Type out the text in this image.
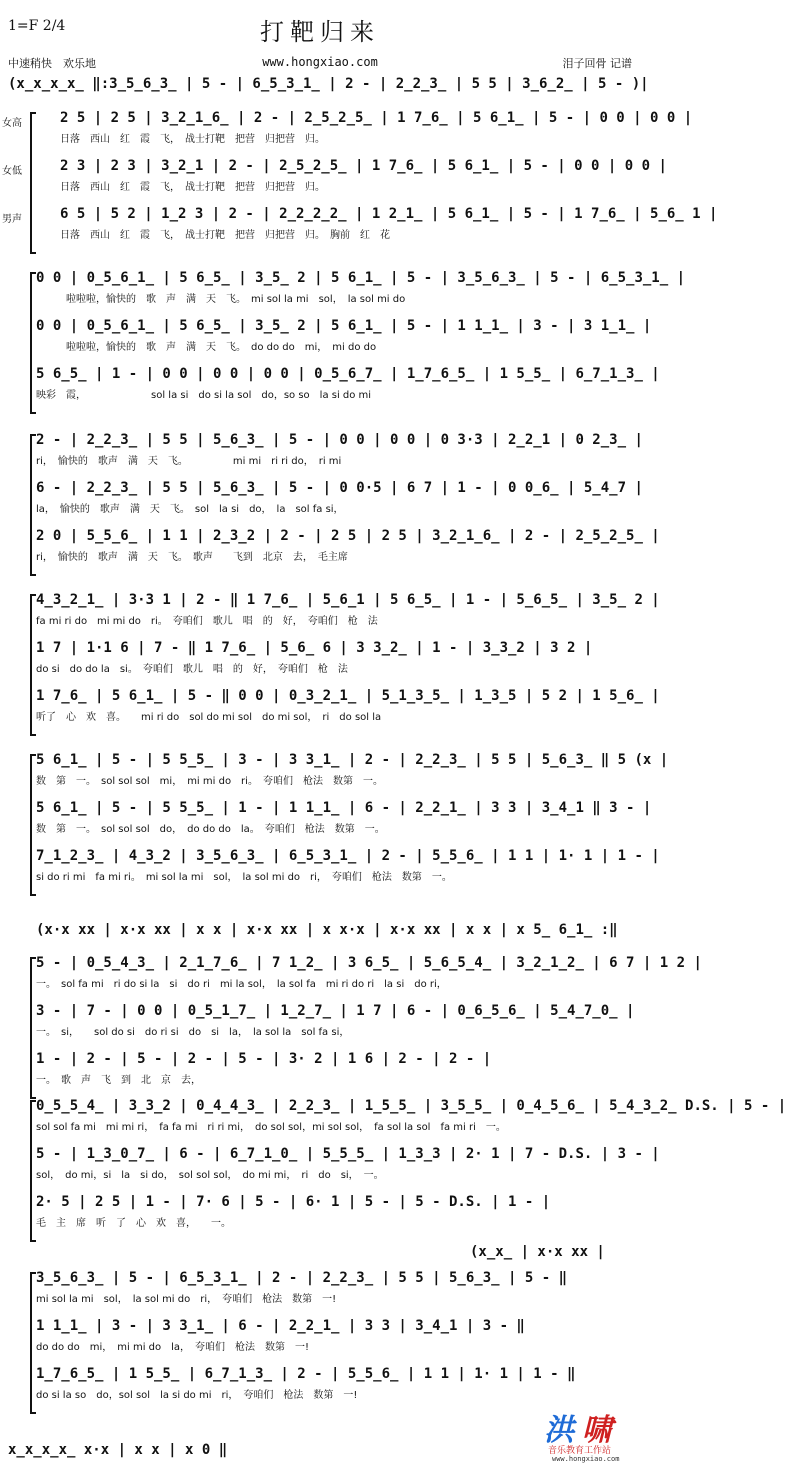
1=F 2/4	打靶归来
中速稍快　欢乐地	www.hongxiao.com	泪子回骨 记谱
(x̲x̲x̲x̲ ‖:3̲5̲6̲3̲ | 5 - | 6̲5̲3̲1̲ | 2 - | 2̲2̲3̲ | 5 5 | 3̲6̲2̲ | 5 - )|
女高	2 5 | 2 5 | 3̲2̲1̲6̲ | 2 - | 2̲5̲2̲5̲ | 1 7̲6̲ | 5 6̲1̲ | 5 - | 0 0 | 0 0 |
日落　西山　红　霞　飞，　战士打靶　把营　归把营　归。
女低	2 3 | 2 3 | 3̲2̲1 | 2 - | 2̲5̲2̲5̲ | 1 7̲6̲ | 5 6̲1̲ | 5 - | 0 0 | 0 0 |
日落　西山　红　霞　飞，　战士打靶　把营　归把营　归。
男声	6 5 | 5 2 | 1̲2 3 | 2 - | 2̲2̲2̲2̲ | 1 2̲1̲ | 5 6̲1̲ | 5 - | 1 7̲6̲ | 5̲6̲ 1 |
日落　西山　红　霞　飞，　战士打靶　把营　归把营　归。　胸前　红　花
0 0 | 0̲5̲6̲1̲ | 5 6̲5̲ | 3̲5̲ 2 | 5 6̲1̲ | 5 - | 3̲5̲6̲3̲ | 5 - | 6̲5̲3̲1̲ |
　　　啦啦啦，愉快的　歌　声　满　天　飞。　mi sol la mi　sol，　la sol mi do
0 0 | 0̲5̲6̲1̲ | 5 6̲5̲ | 3̲5̲ 2 | 5 6̲1̲ | 5 - | 1 1̲1̲ | 3 - | 3 1̲1̲ |
　　　啦啦啦，愉快的　歌　声　满　天　飞。　do do do　mi，　mi do do
5 6̲5̲ | 1 - | 0 0 | 0 0 | 0 0 | 0̲5̲6̲7̲ | 1̲7̲6̲5̲ | 1 5̲5̲ | 6̲7̲1̲3̲ |
映彩　霞，　　　　　　　sol la si　do si la sol　do，so so　la si do mi
2 - | 2̲2̲3̲ | 5 5 | 5̲6̲3̲ | 5 - | 0 0 | 0 0 | 0 3·3 | 2̲2̲1 | 0 2̲3̲ |
ri，　愉快的　歌声　满　天　飞。　　　　　mi mi　ri ri do，　ri mi
6 - | 2̲2̲3̲ | 5 5 | 5̲6̲3̲ | 5 - | 0 0·5 | 6 7 | 1 - | 0 0̲6̲ | 5̲4̲7 |
la，　愉快的　歌声　满　天　飞。　sol　la si　do，　la　sol fa si，
2 0 | 5̲5̲6̲ | 1 1 | 2̲3̲2 | 2 - | 2 5 | 2 5 | 3̲2̲1̲6̲ | 2 - | 2̲5̲2̲5̲ |
ri，　愉快的　歌声　满　天　飞。　歌声　　飞到　北京　去，　毛主席
4̲3̲2̲1̲ | 3·3 1 | 2 - ‖ 1 7̲6̲ | 5̲6̲1 | 5 6̲5̲ | 1 - | 5̲6̲5̲ | 3̲5̲ 2 |
fa mi ri do　mi mi do　ri。　夸咱们　歌儿　唱　的　好，　夸咱们　枪　法
1 7 | 1·1 6 | 7 - ‖ 1 7̲6̲ | 5̲6̲ 6 | 3 3̲2̲ | 1 - | 3̲3̲2 | 3 2 |
do si　do do la　si。　夸咱们　歌儿　唱　的　好，　夸咱们　枪　法
1 7̲6̲ | 5 6̲1̲ | 5 - ‖ 0 0 | 0̲3̲2̲1̲ | 5̲1̲3̲5̲ | 1̲3̲5 | 5 2 | 1 5̲6̲ |
听了　心　欢　喜。　　mi ri do　sol do mi sol　do mi sol，　ri　do sol la
5 6̲1̲ | 5 - | 5 5̲5̲ | 3 - | 3 3̲1̲ | 2 - | 2̲2̲3̲ | 5 5 | 5̲6̲3̲ ‖ 5 (x |
数　第　一。　sol sol sol　mi，　mi mi do　ri。　夸咱们　枪法　数第　一。
5 6̲1̲ | 5 - | 5 5̲5̲ | 1 - | 1 1̲1̲ | 6 - | 2̲2̲1̲ | 3 3 | 3̲4̲1 ‖ 3 - |
数　第　一。　sol sol sol　do，　do do do　la。　夸咱们　枪法　数第　一。
7̲1̲2̲3̲ | 4̲3̲2 | 3̲5̲6̲3̲ | 6̲5̲3̲1̲ | 2 - | 5̲5̲6̲ | 1 1 | 1· 1 | 1 - |
si do ri mi　fa mi ri。　mi sol la mi　sol，　la sol mi do　ri，　夸咱们　枪法　数第　一。
(x·x xx | x·x xx | x x | x·x xx | x x·x | x·x xx | x x | x 5̲ 6̲1̲ :‖
5 - | 0̲5̲4̲3̲ | 2̲1̲7̲6̲ | 7 1̲2̲ | 3 6̲5̲ | 5̲6̲5̲4̲ | 3̲2̲1̲2̲ | 6 7 | 1 2 |
一。　sol fa mi　ri do si la　si　do ri　mi la sol，　la sol fa　mi ri do ri　la si　do ri，
3 - | 7 - | 0 0 | 0̲5̲1̲7̲ | 1̲2̲7̲ | 1 7 | 6 - | 0̲6̲5̲6̲ | 5̲4̲7̲0̲ |
一。　si，　　sol do si　do ri si　do　si　la，　la sol la　sol fa si，
1 - | 2 - | 5 - | 2 - | 5 - | 3· 2 | 1 6 | 2 - | 2 - |
一。　歌　声　飞　到　北　京　去，
0̲5̲5̲4̲ | 3̲3̲2 | 0̲4̲4̲3̲ | 2̲2̲3̲ | 1̲5̲5̲ | 3̲5̲5̲ | 0̲4̲5̲6̲ | 5̲4̲3̲2̲ D.S. | 5 - |
sol sol fa mi　mi mi ri，　fa fa mi　ri ri mi，　do sol sol，mi sol sol，　fa sol la sol　fa mi ri　一。
5 - | 1̲3̲0̲7̲ | 6 - | 6̲7̲1̲0̲ | 5̲5̲5̲ | 1̲3̲3 | 2· 1 | 7 - D.S. | 3 - |
sol，　do mi，si　la　si do，　sol sol sol，　do mi mi，　ri　do　si，　一。
2· 5 | 2 5 | 1 - | 7· 6 | 5 - | 6· 1 | 5 - | 5 - D.S. | 1 - |
毛　主　席　听　了　心　欢　喜，　　一。
(x̲x̲ | x·x xx |
3̲5̲6̲3̲ | 5 - | 6̲5̲3̲1̲ | 2 - | 2̲2̲3̲ | 5 5 | 5̲6̲3̲ | 5 - ‖
mi sol la mi　sol，　la sol mi do　ri，　夸咱们　枪法　数第　一!
1 1̲1̲ | 3 - | 3 3̲1̲ | 6 - | 2̲2̲1̲ | 3 3 | 3̲4̲1 | 3 - ‖
do do do　mi，　mi mi do　la，　夸咱们　枪法　数第　一!
1̲7̲6̲5̲ | 1 5̲5̲ | 6̲7̲1̲3̲ | 2 - | 5̲5̲6̲ | 1 1 | 1· 1 | 1 - ‖
do si la so　do，sol sol　la si do mi　ri，　夸咱们　枪法　数第　一!
x̲x̲x̲x̲ x·x | x x | x 0 ‖
洪 啸
音乐教育工作站
www.hongxiao.com
